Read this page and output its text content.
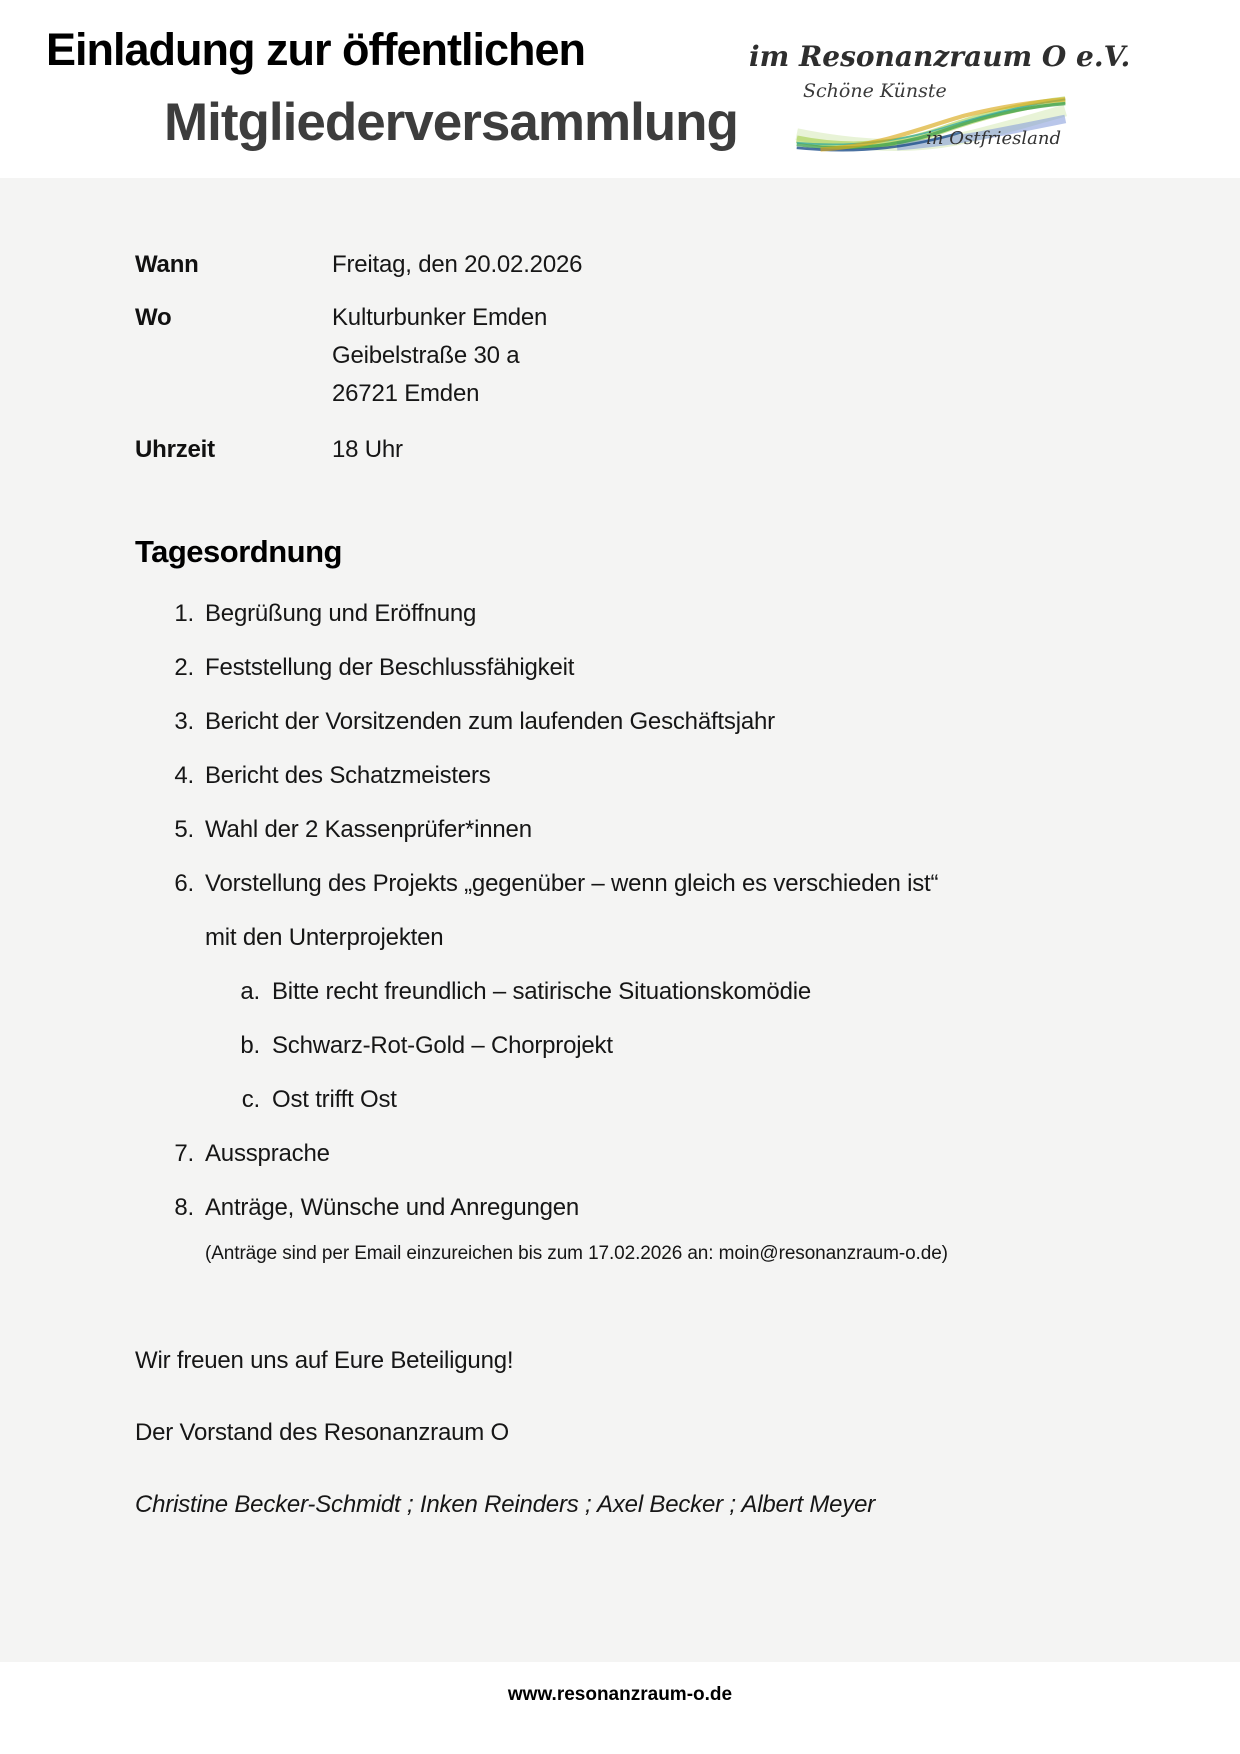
Einladung zur öffentlichen
Mitgliederversammlung
im Resonanzraum O e.V.
Schöne Künste
in Ostfriesland
Wann	Freitag, den 20.02.2026
Wo	Kulturbunker Emden
Geibelstraße 30 a
26721 Emden
Uhrzeit	18 Uhr
Tagesordnung
1. Begrüßung und Eröffnung
2. Feststellung der Beschlussfähigkeit
3. Bericht der Vorsitzenden zum laufenden Geschäftsjahr
4. Bericht des Schatzmeisters
5. Wahl der 2 Kassenprüfer*innen
6. Vorstellung des Projekts „gegenüber – wenn gleich es verschieden ist“
mit den Unterprojekten
a. Bitte recht freundlich – satirische Situationskomödie
b. Schwarz-Rot-Gold – Chorprojekt
c. Ost trifft Ost
7. Aussprache
8. Anträge, Wünsche und Anregungen
(Anträge sind per Email einzureichen bis zum 17.02.2026 an: moin@resonanzraum-o.de)

Wir freuen uns auf Eure Beteiligung!

Der Vorstand des Resonanzraum O

Christine Becker-Schmidt ; Inken Reinders ; Axel Becker ; Albert Meyer

www.resonanzraum-o.de
